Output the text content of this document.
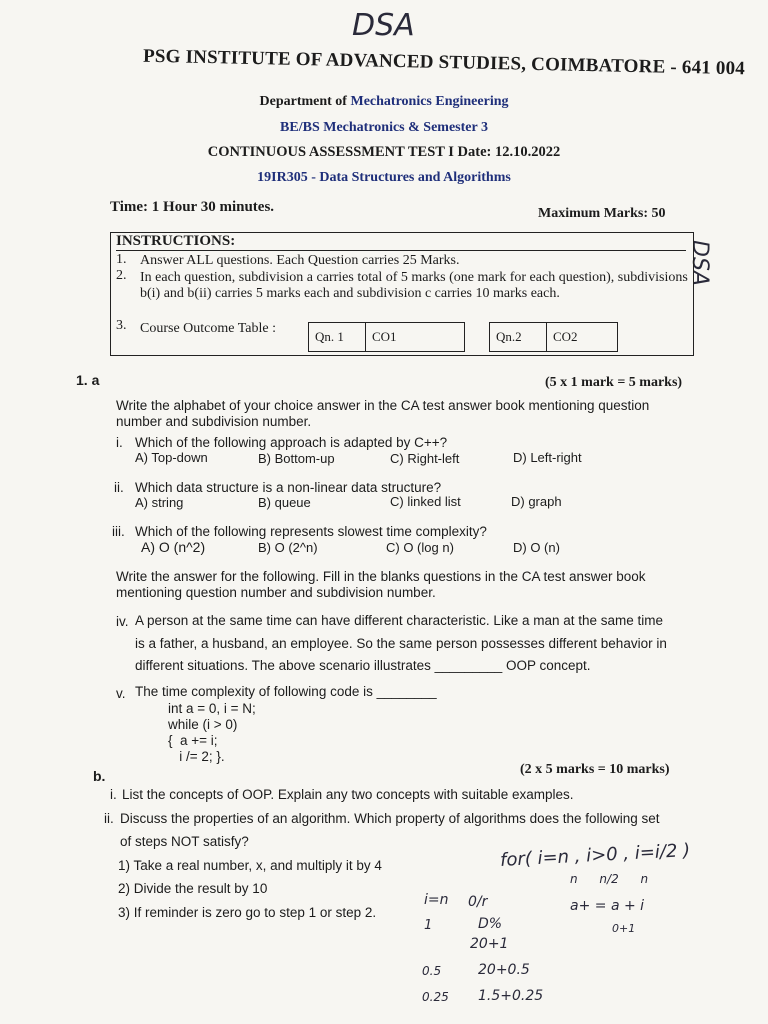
DSA
DSA
PSG INSTITUTE OF ADVANCED STUDIES, COIMBATORE - 641 004
Department of Mechatronics Engineering
BE/BS Mechatronics & Semester 3
CONTINUOUS ASSESSMENT TEST I Date: 12.10.2022
19IR305 - Data Structures and Algorithms
Time: 1 Hour 30 minutes.	Maximum Marks: 50
INSTRUCTIONS:
1. Answer ALL questions. Each Question carries 25 Marks.
2. In each question, subdivision a carries total of 5 marks (one mark for each question), subdivisions b(i) and b(ii) carries 5 marks each and subdivision c carries 10 marks each.
3. Course Outcome Table :
Qn. 1	CO1	Qn.2	CO2
1. a	(5 x 1 mark = 5 marks)
Write the alphabet of your choice answer in the CA test answer book mentioning question number and subdivision number.
i. Which of the following approach is adapted by C++?
A) Top-down	B) Bottom-up	C) Right-left	D) Left-right
ii. Which data structure is a non-linear data structure?
A) string	B) queue	C) linked list	D) graph
iii. Which of the following represents slowest time complexity?
A) O (n^2)	B) O (2^n)	C) O (log n)	D) O (n)
Write the answer for the following. Fill in the blanks questions in the CA test answer book mentioning question number and subdivision number.
iv. A person at the same time can have different characteristic. Like a man at the same time
is a father, a husband, an employee. So the same person possesses different behavior in
different situations. The above scenario illustrates _________ OOP concept.
v. The time complexity of following code is ________
int a = 0, i = N;
while (i > 0)
{  a += i;
i /= 2; }.
b.	(2 x 5 marks = 10 marks)
i. List the concepts of OOP. Explain any two concepts with suitable examples.
ii. Discuss the properties of an algorithm. Which property of algorithms does the following set
of steps NOT satisfy?
1) Take a real number, x, and multiply it by 4
2) Divide the result by 10
3) If reminder is zero go to step 1 or step 2.
for( i=n , i>0 , i=i/2 )
n n/2 n
a+ = a + i
0+1
i=n 0/r
1	D%
20+1
0.5	20+0.5
0.25 1.5+0.25
